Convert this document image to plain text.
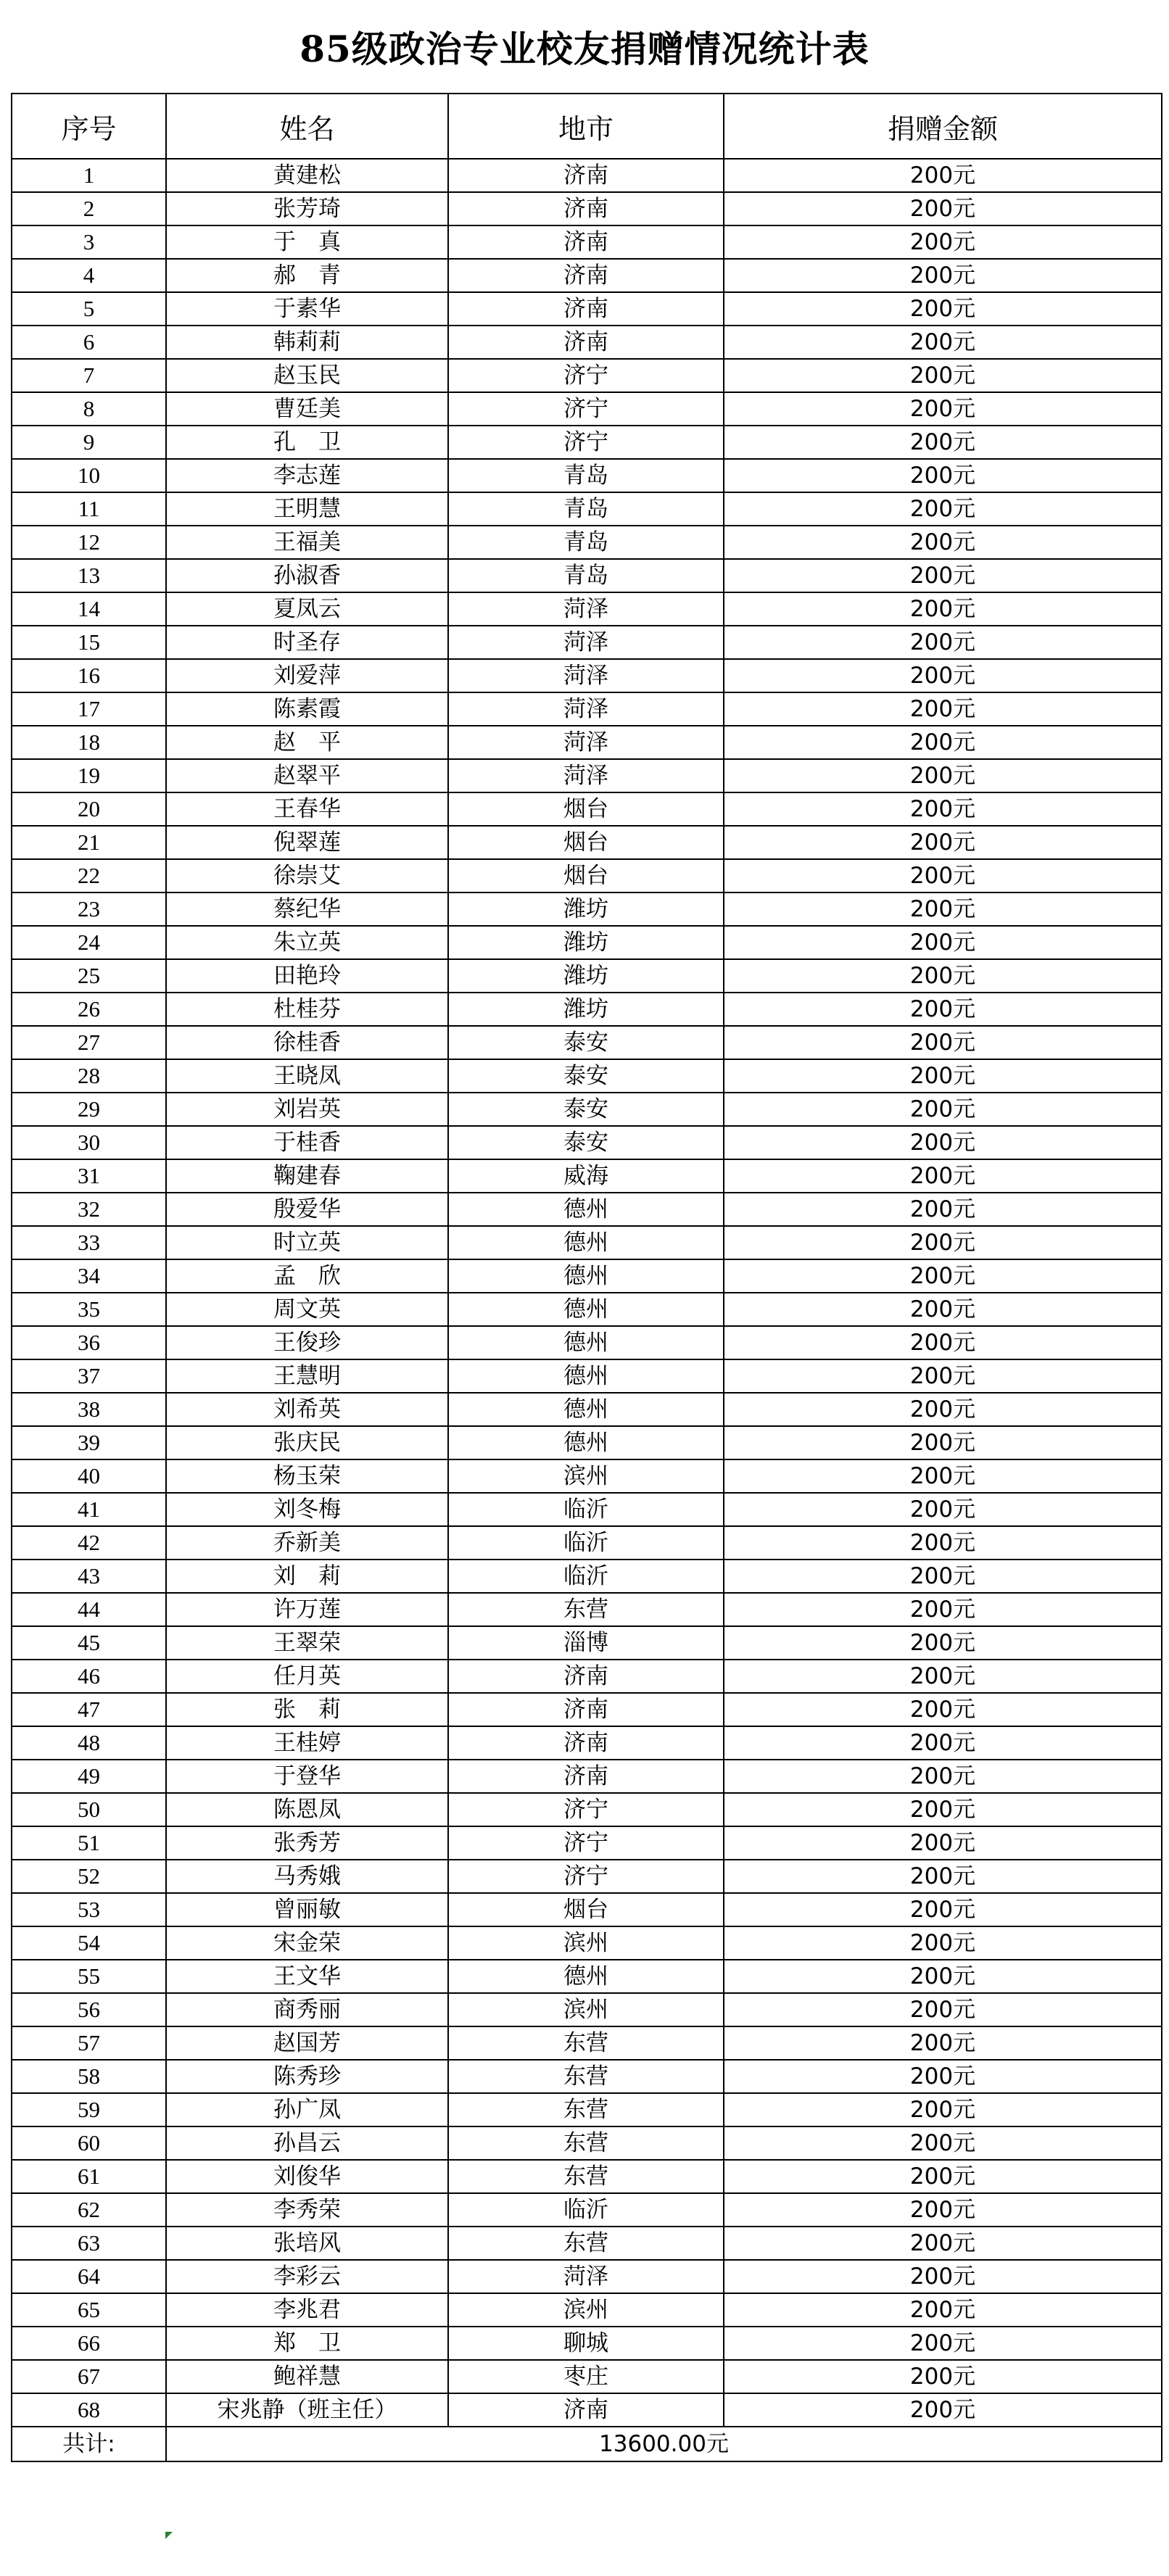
85级政治专业校友捐赠情况统计表
序号	姓名	地市	捐赠金额
1	黄建松	济南	200元
2	张芳琦	济南	200元
3	于　真	济南	200元
4	郝　青	济南	200元
5	于素华	济南	200元
6	韩莉莉	济南	200元
7	赵玉民	济宁	200元
8	曹廷美	济宁	200元
9	孔　卫	济宁	200元
10	李志莲	青岛	200元
11	王明慧	青岛	200元
12	王福美	青岛	200元
13	孙淑香	青岛	200元
14	夏凤云	菏泽	200元
15	时圣存	菏泽	200元
16	刘爱萍	菏泽	200元
17	陈素霞	菏泽	200元
18	赵　平	菏泽	200元
19	赵翠平	菏泽	200元
20	王春华	烟台	200元
21	倪翠莲	烟台	200元
22	徐崇艾	烟台	200元
23	蔡纪华	潍坊	200元
24	朱立英	潍坊	200元
25	田艳玲	潍坊	200元
26	杜桂芬	潍坊	200元
27	徐桂香	泰安	200元
28	王晓凤	泰安	200元
29	刘岩英	泰安	200元
30	于桂香	泰安	200元
31	鞠建春	威海	200元
32	殷爱华	德州	200元
33	时立英	德州	200元
34	孟　欣	德州	200元
35	周文英	德州	200元
36	王俊珍	德州	200元
37	王慧明	德州	200元
38	刘希英	德州	200元
39	张庆民	德州	200元
40	杨玉荣	滨州	200元
41	刘冬梅	临沂	200元
42	乔新美	临沂	200元
43	刘　莉	临沂	200元
44	许万莲	东营	200元
45	王翠荣	淄博	200元
46	任月英	济南	200元
47	张　莉	济南	200元
48	王桂婷	济南	200元
49	于登华	济南	200元
50	陈恩凤	济宁	200元
51	张秀芳	济宁	200元
52	马秀娥	济宁	200元
53	曾丽敏	烟台	200元
54	宋金荣	滨州	200元
55	王文华	德州	200元
56	商秀丽	滨州	200元
57	赵国芳	东营	200元
58	陈秀珍	东营	200元
59	孙广凤	东营	200元
60	孙昌云	东营	200元
61	刘俊华	东营	200元
62	李秀荣	临沂	200元
63	张培风	东营	200元
64	李彩云	菏泽	200元
65	李兆君	滨州	200元
66	郑　卫	聊城	200元
67	鲍祥慧	枣庄	200元
68	宋兆静（班主任）	济南	200元
共计:	13600.00元		
